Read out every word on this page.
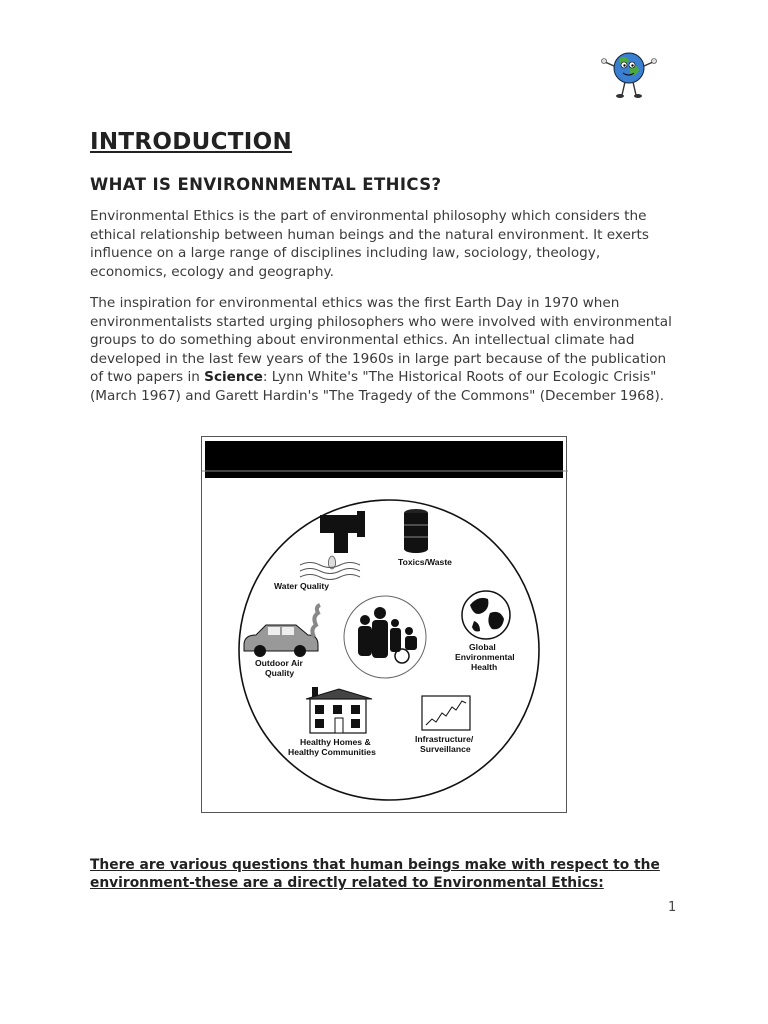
INTRODUCTION
WHAT IS ENVIRONNMENTAL ETHICS?

Environmental Ethics is the part of environmental philosophy which considers the ethical relationship between human beings and the natural environment. It exerts influence on a large range of disciplines including law, sociology, theology, economics, ecology and geography.

The inspiration for environmental ethics was the first Earth Day in 1970 when environmentalists started urging philosophers who were involved with environmental groups to do something about environmental ethics. An intellectual climate had developed in the last few years of the 1960s in large part because of the publication of two papers in Science: Lynn White's "The Historical Roots of our Ecologic Crisis" (March 1967) and Garett Hardin's "The Tragedy of the Commons" (December 1968).

Water Quality
Toxics/Waste
Global
Environmental
Health
Outdoor Air
Quality
Healthy Homes &
Healthy Communities
Infrastructure/
Surveillance

There are various questions that human beings make with respect to the environment-these are a directly related to Environmental Ethics:

1
